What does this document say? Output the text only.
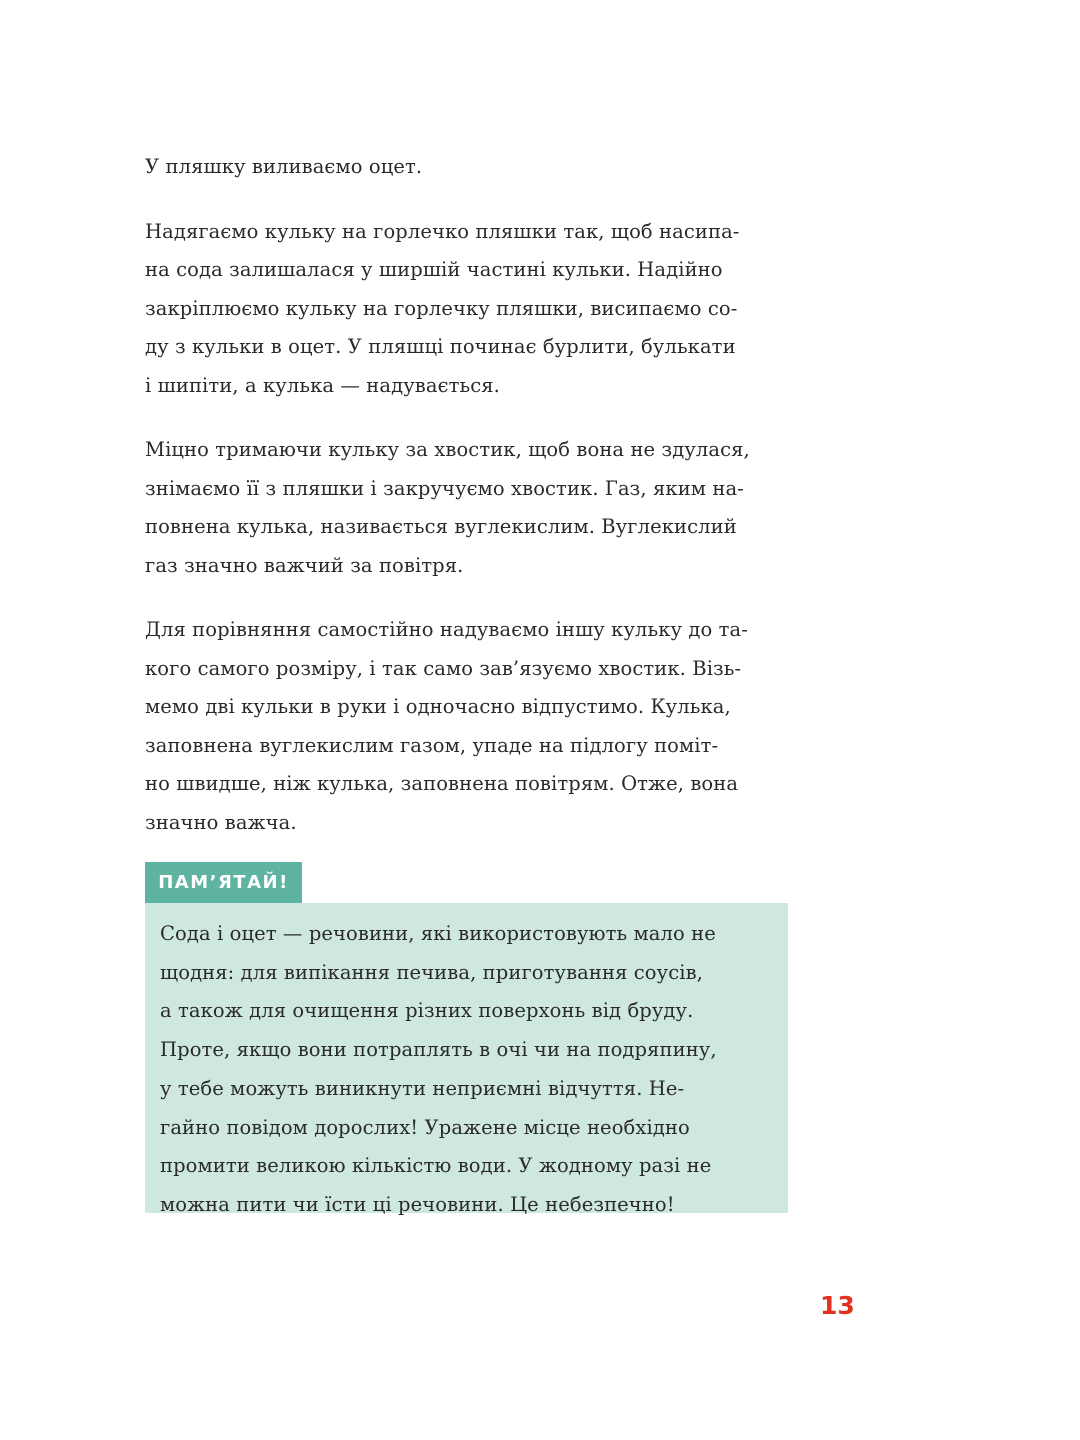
У пляшку виливаємо оцет.

Надягаємо кульку на горлечко пляшки так, щоб насипа-
на сода залишалася у ширшій частині кульки. Надійно
закріплюємо кульку на горлечку пляшки, висипаємо со-
ду з кульки в оцет. У пляшці починає бурлити, булькати
і шипіти, а кулька — надувається.

Міцно тримаючи кульку за хвостик, щоб вона не здулася,
знімаємо її з пляшки і закручуємо хвостик. Газ, яким на-
повнена кулька, називається вуглекислим. Вуглекислий
газ значно важчий за повітря.

Для порівняння самостійно надуваємо іншу кульку до та-
кого самого розміру, і так само зав’язуємо хвостик. Візь-
мемо дві кульки в руки і одночасно відпустимо. Кулька,
заповнена вуглекислим газом, упаде на підлогу поміт-
но швидше, ніж кулька, заповнена повітрям. Отже, вона
значно важча.

ПАМ’ЯТАЙ!
Сода і оцет — речовини, які використовують мало не
щодня: для випікання печива, приготування соусів,
а також для очищення різних поверхонь від бруду.
Проте, якщо вони потраплять в очі чи на подряпину,
у тебе можуть виникнути неприємні відчуття. Не-
гайно повідом дорослих! Уражене місце необхідно
промити великою кількістю води. У жодному разі не
можна пити чи їсти ці речовини. Це небезпечно!
13
